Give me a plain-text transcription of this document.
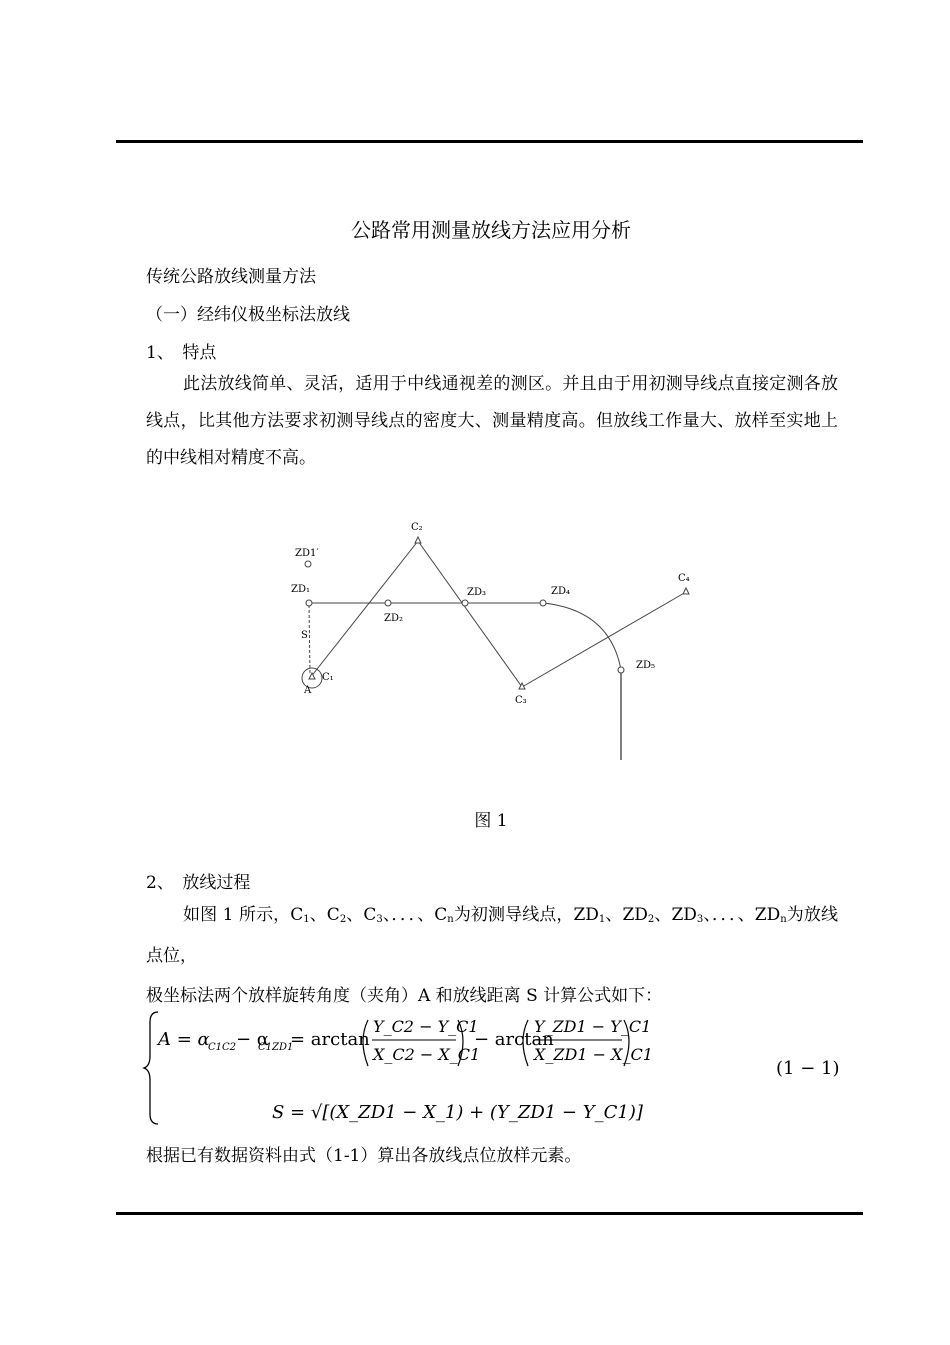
公路常用测量放线方法应用分析
传统公路放线测量方法
（一）经纬仪极坐标法放线
1、　特点
此法放线简单、灵活，适用于中线通视差的测区。并且由于用初测导线点直接定测各放线点，比其他方法要求初测导线点的密度大、测量精度高。但放线工作量大、放样至实地上的中线相对精度不高。
C₂
ZD1′
ZD₁	ZD₃	ZD₄
C₄
ZD₂
S
ZD₅
C₁
A
C₃
图 1
2、　放线过程
如图 1 所示，$C_1$、$C_2$、$C_3$、．．．、$C_n$为初测导线点，$ZD_1$、$ZD_2$、$ZD_3$、．．．、$ZD_n$为放线点位，
极坐标法两个放样旋转角度（夹角）A 和放线距离 S 计算公式如下：
A = α
C1C2 − α
C1ZD1
= arctan
Y_C2 − Y_C1
X_C2 − X_C1
− arctan
Y_ZD1 − Y_C1
X_ZD1 − X_C1
(1 − 1)
S = √[(X_ZD1 − X_1) + (Y_ZD1 − Y_C1)]
根据已有数据资料由式（1-1）算出各放线点位放样元素。
